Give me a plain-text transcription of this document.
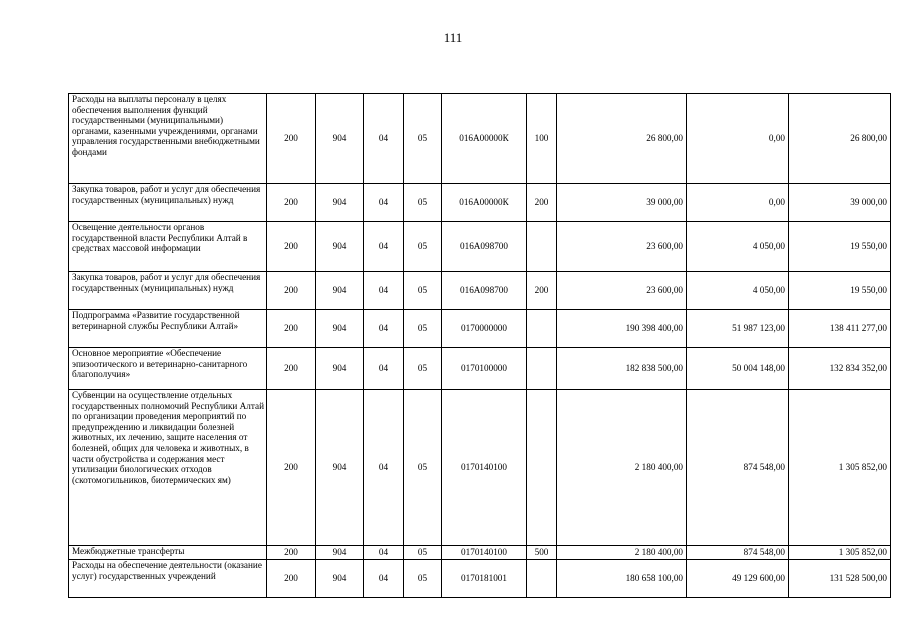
111
Расходы на выплаты персоналу в целях обеспечения выполнения функций государственными (муниципальными) органами, казенными учреждениями, органами управления государственными внебюджетными фондами	200	904	04	05	016А00000К	100	26 800,00	0,00	26 800,00
Закупка товаров, работ и услуг для обеспечения государственных (муниципальных) нужд	200	904	04	05	016А00000К	200	39 000,00	0,00	39 000,00
Освещение деятельности органов государственной власти Республики Алтай в средствах массовой информации	200	904	04	05	016А098700		23 600,00	4 050,00	19 550,00
Закупка товаров, работ и услуг для обеспечения государственных (муниципальных) нужд	200	904	04	05	016А098700	200	23 600,00	4 050,00	19 550,00
Подпрограмма «Развитие государственной ветеринарной службы Республики Алтай»	200	904	04	05	0170000000		190 398 400,00	51 987 123,00	138 411 277,00
Основное мероприятие «Обеспечение эпизоотического и ветеринарно-санитарного благополучия»	200	904	04	05	0170100000		182 838 500,00	50 004 148,00	132 834 352,00
Субвенции на осуществление отдельных государственных полномочий Республики Алтай по организации проведения мероприятий по предупреждению и ликвидации болезней животных, их лечению, защите населения от болезней, общих для человека и животных, в части обустройства и содержания мест утилизации биологических отходов (скотомогильников, биотермических ям)	200	904	04	05	0170140100		2 180 400,00	874 548,00	1 305 852,00
Межбюджетные трансферты	200	904	04	05	0170140100	500	2 180 400,00	874 548,00	1 305 852,00
Расходы на обеспечение деятельности (оказание услуг) государственных учреждений	200	904	04	05	0170181001		180 658 100,00	49 129 600,00	131 528 500,00
